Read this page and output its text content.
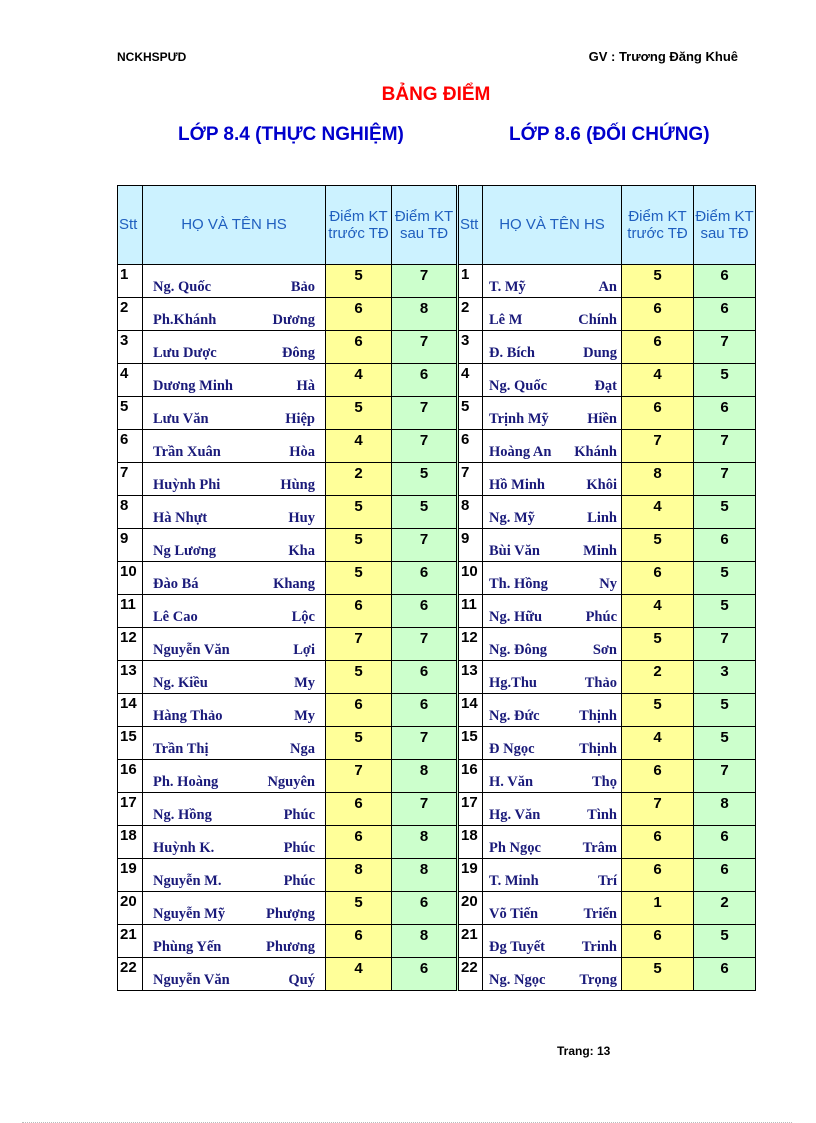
NCKHSPƯD	GV : Trương Đăng Khuê
BẢNG ĐIỂM
LỚP 8.4 (THỰC NGHIỆM)	LỚP 8.6 (ĐỐI CHỨNG)
Stt	HỌ VÀ TÊN HS	Điểm KT trước TĐ	Điểm KT sau TĐ	Stt	HỌ VÀ TÊN HS	Điểm KT trước TĐ	Điểm KT sau TĐ
1	Ng. Quốc Bảo	5	7	1	T. Mỹ An	5	6
2	Ph.Khánh Dương	6	8	2	Lê M Chính	6	6
3	Lưu Dược Đông	6	7	3	Đ. Bích Dung	6	7
4	Dương Minh Hà	4	6	4	Ng. Quốc Đạt	4	5
5	Lưu Văn Hiệp	5	7	5	Trịnh Mỹ Hiền	6	6
6	Trần Xuân Hòa	4	7	6	Hoàng An Khánh	7	7
7	Huỳnh Phi Hùng	2	5	7	Hồ Minh Khôi	8	7
8	Hà Nhựt Huy	5	5	8	Ng. Mỹ Linh	4	5
9	Ng Lương Kha	5	7	9	Bùi Văn Minh	5	6
10	Đào Bá Khang	5	6	10	Th. Hồng Ny	6	5
11	Lê Cao Lộc	6	6	11	Ng. Hữu Phúc	4	5
12	Nguyễn Văn Lợi	7	7	12	Ng. Đông Sơn	5	7
13	Ng. Kiều My	5	6	13	Hg.Thu Thảo	2	3
14	Hàng Thảo My	6	6	14	Ng. Đức Thịnh	5	5
15	Trần Thị Nga	5	7	15	Đ Ngọc Thịnh	4	5
16	Ph. Hoàng Nguyên	7	8	16	H. Văn Thọ	6	7
17	Ng. Hồng Phúc	6	7	17	Hg. Văn Tình	7	8
18	Huỳnh K. Phúc	6	8	18	Ph Ngọc Trâm	6	6
19	Nguyễn M. Phúc	8	8	19	T. Minh Trí	6	6
20	Nguyễn Mỹ Phượng	5	6	20	Võ Tiến Triển	1	2
21	Phùng Yến Phương	6	8	21	Đg Tuyết Trinh	6	5
22	Nguyễn Văn Quý	4	6	22	Ng. Ngọc Trọng	5	6
Trang: 13
